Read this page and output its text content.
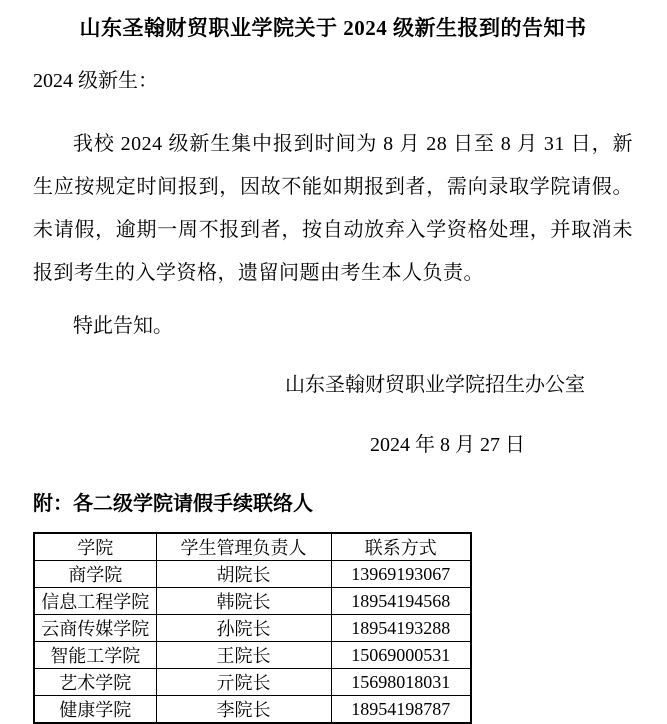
山东圣翰财贸职业学院关于 2024 级新生报到的告知书

2024 级新生：

我校 2024 级新生集中报到时间为 8 月 28 日至 8 月 31 日，新生应按规定时间报到，因故不能如期报到者，需向录取学院请假。未请假，逾期一周不报到者，按自动放弃入学资格处理，并取消未报到考生的入学资格，遗留问题由考生本人负责。

特此告知。

山东圣翰财贸职业学院招生办公室

2024 年 8 月 27 日

附：各二级学院请假手续联络人

学院	学生管理负责人	联系方式
商学院	胡院长	13969193067
信息工程学院	韩院长	18954194568
云商传媒学院	孙院长	18954193288
智能工学院	王院长	15069000531
艺术学院	亓院长	15698018031
健康学院	李院长	18954198787
